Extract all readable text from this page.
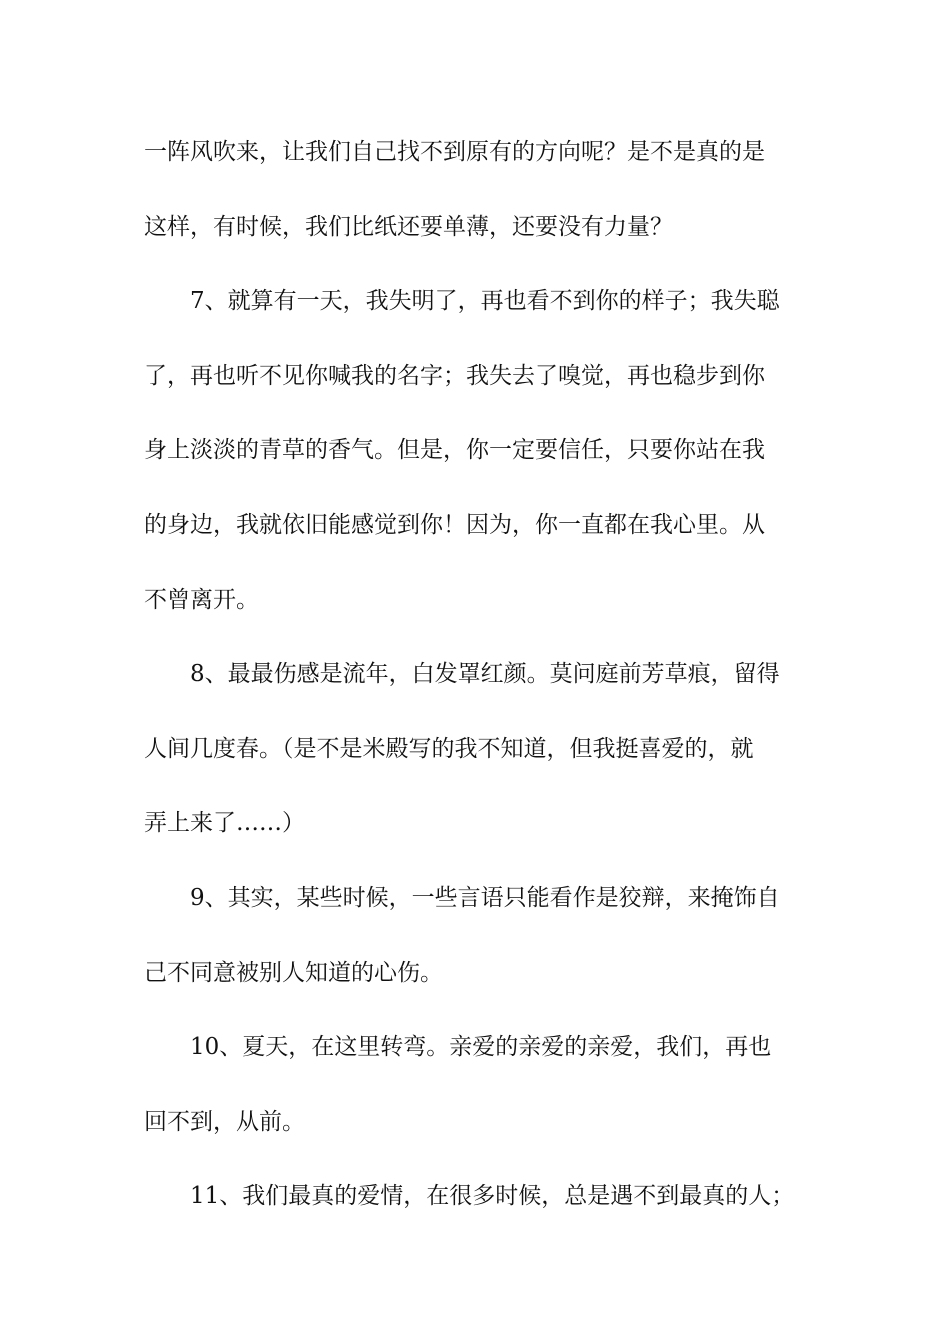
一阵风吹来，让我们自己找不到原有的方向呢？是不是真的是
这样，有时候，我们比纸还要单薄，还要没有力量？
7、就算有一天，我失明了，再也看不到你的样子；我失聪
了，再也听不见你喊我的名字；我失去了嗅觉，再也稳步到你
身上淡淡的青草的香气。但是，你一定要信任，只要你站在我
的身边，我就依旧能感觉到你！因为，你一直都在我心里。从
不曾离开。
8、最最伤感是流年，白发罩红颜。莫问庭前芳草痕，留得
人间几度春。（是不是米殿写的我不知道，但我挺喜爱的，就
弄上来了……）
9、其实，某些时候，一些言语只能看作是狡辩，来掩饰自
己不同意被别人知道的心伤。
10、夏天，在这里转弯。亲爱的亲爱的亲爱，我们，再也
回不到，从前。
11、我们最真的爱情，在很多时候，总是遇不到最真的人；
